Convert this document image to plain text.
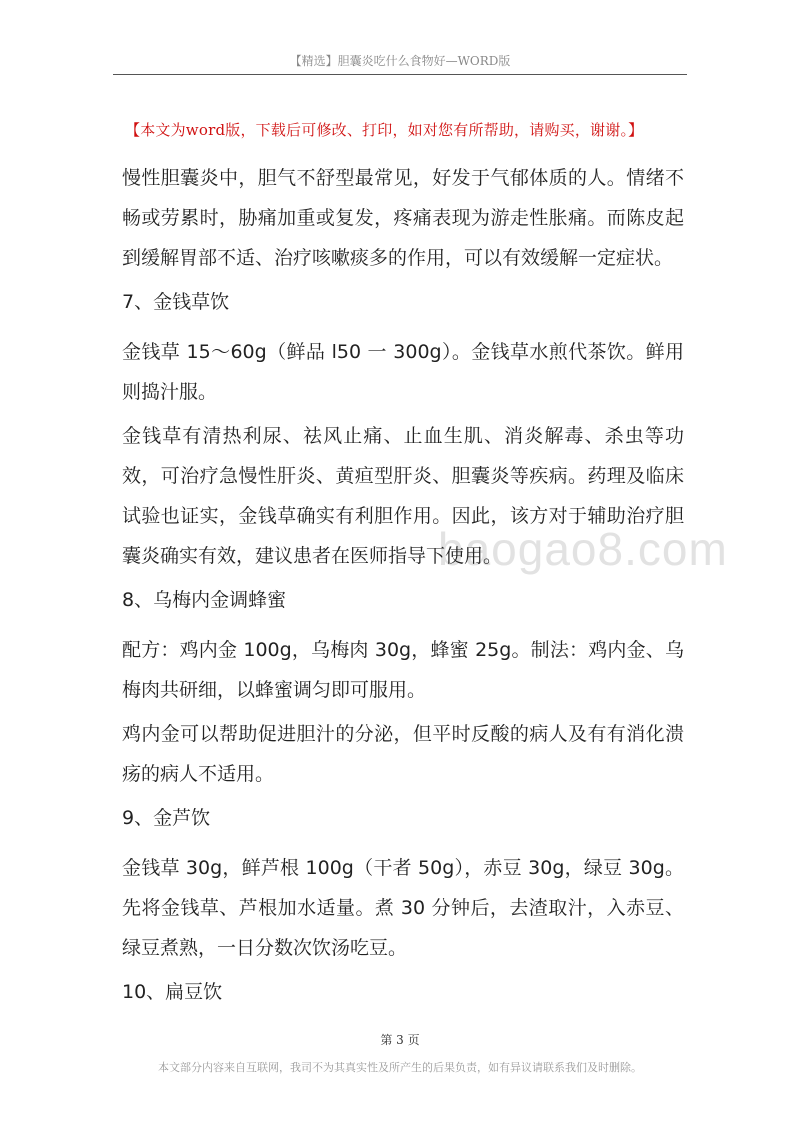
【精选】胆囊炎吃什么食物好—WORD版
【本文为word版，下载后可修改、打印，如对您有所帮助，请购买，谢谢。】
baogao8.com

慢性胆囊炎中，胆气不舒型最常见，好发于气郁体质的人。情绪不畅或劳累时，胁痛加重或复发，疼痛表现为游走性胀痛。而陈皮起到缓解胃部不适、治疗咳嗽痰多的作用，可以有效缓解一定症状。

7、金钱草饮

金钱草 15～60g（鲜品 l50 一 300g）。金钱草水煎代茶饮。鲜用则捣汁服。

金钱草有清热利尿、祛风止痛、止血生肌、消炎解毒、杀虫等功效，可治疗急慢性肝炎、黄疸型肝炎、胆囊炎等疾病。药理及临床试验也证实，金钱草确实有利胆作用。因此，该方对于辅助治疗胆囊炎确实有效，建议患者在医师指导下使用。

8、乌梅内金调蜂蜜

配方：鸡内金 100g，乌梅肉 30g，蜂蜜 25g。制法：鸡内金、乌梅肉共研细，以蜂蜜调匀即可服用。

鸡内金可以帮助促进胆汁的分泌，但平时反酸的病人及有有消化溃疡的病人不适用。

9、金芦饮

金钱草 30g，鲜芦根 100g（干者 50g），赤豆 30g，绿豆 30g。先将金钱草、芦根加水适量。煮 30 分钟后，去渣取汁，入赤豆、绿豆煮熟，一日分数次饮汤吃豆。

10、扁豆饮

第 3 页
本文部分内容来自互联网，我司不为其真实性及所产生的后果负责，如有异议请联系我们及时删除。
